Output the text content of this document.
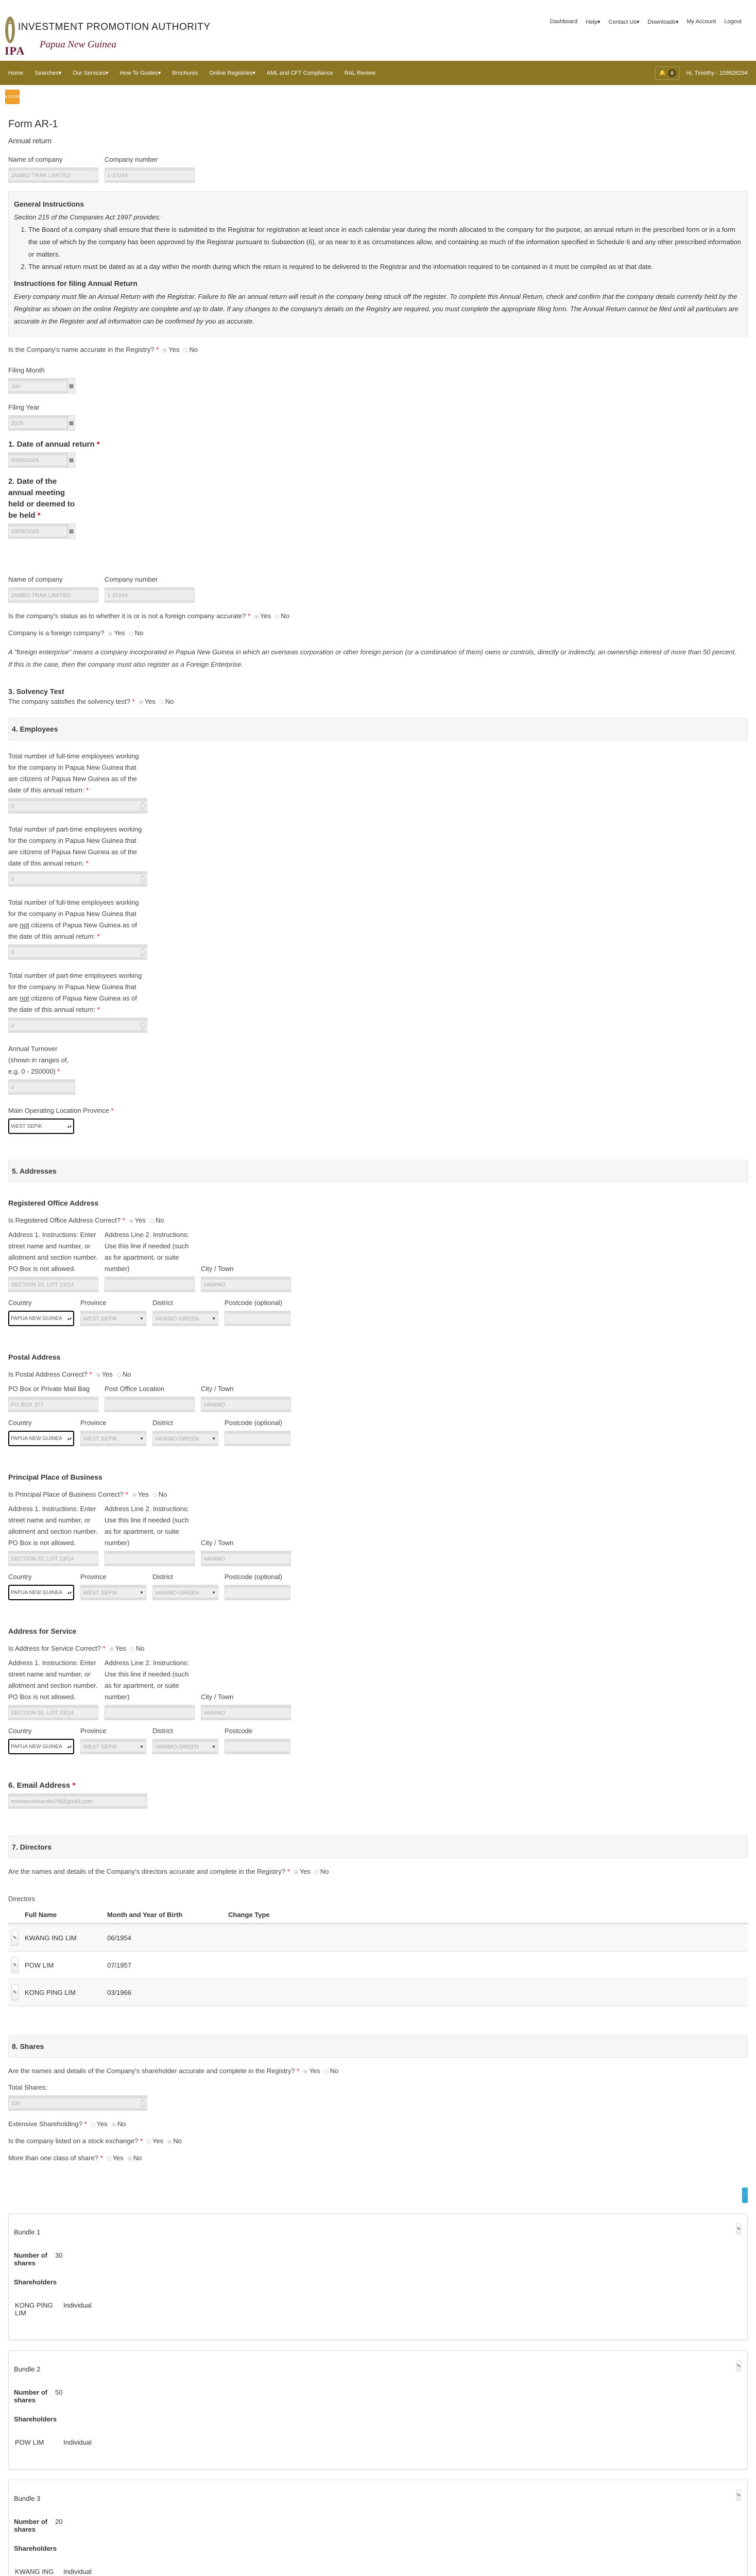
IPA
INVESTMENT PROMOTION AUTHORITY
Papua New Guinea
Dashboard Help▾ Contact Us▾ Downloads▾ My Account Logout
Home Searches▾ Our Services▾ How To Guides▾ Brochures Online Registries▾ AML and CFT Compliance RAL Review	🔔	0	Hi, Timothy - 109926294
⊗ CLOSE
Form AR-1
Annual return
Name of company
JAMBO TRAK LIMITED
Company number
1-37244
General Instructions

Section 215 of the Companies Act 1997 provides:

1. The Board of a company shall ensure that there is submitted to the Registrar for registration at least once in each calendar year during the month allocated to the company for the purpose, an annual return in the prescribed form or in a form the use of which by the company has been approved by the Registrar pursuant to Subsection (6), or as near to it as circumstances allow, and containing as much of the information specified in Schedule 6 and any other prescribed information or matters.
2. The annual return must be dated as at a day within the month during which the return is required to be delivered to the Registrar and the information required to be contained in it must be compiled as at that date.
Instructions for filing Annual Return

Every company must file an Annual Return with the Registrar. Failure to file an annual return will result in the company being struck off the register. To complete this Annual Return, check and confirm that the company details currently held by the Registrar as shown on the online Registry are complete and up to date. If any changes to the company's details on the Registry are required, you must complete the appropriate filing form. The Annual Return cannot be filed until all particulars are accurate in the Register and all information can be confirmed by you as accurate.

Is the Company's name accurate in the Registry? * Yes No
Filing Month
Jun	▦
Filing Year
2025	▦
1. Date of annual return *
30/06/2025	▦
2. Date of the annual meeting held or deemed to be held *
29/06/2025	▦
Name of company
JAMBO TRAK LIMITED
Company number
1-37244
Is the company's status as to whether it is or is not a foreign company accurate? * Yes No
Company is a foreign company? Yes No

A "foreign enterprise" means a company incorporated in Papua New Guinea in which an overseas corporation or other foreign person (or a combination of them) owns or controls, directly or indirectly, an ownership interest of more than 50 percent.
If this is the case, then the company must also register as a Foreign Enterprise.

3. Solvency Test
The company satisfies the solvency test? * Yes No
4. Employees
Total number of full-time employees working for the company in Papua New Guinea that are citizens of Papua New Guinea as of the date of this annual return: *
0	^
v
Total number of part-time employees working for the company in Papua New Guinea that are citizens of Papua New Guinea as of the date of this annual return: *
0	^
v
Total number of full-time employees working for the company in Papua New Guinea that are not citizens of Papua New Guinea as of the date of this annual return: *
0	^
v
Total number of part-time employees working for the company in Papua New Guinea that are not citizens of Papua New Guinea as of the date of this annual return: *
0	^
v
Annual Turnover (shown in ranges of, e.g. 0 - 250000) *
0
Main Operating Location Province *
WEST SEPIK	▴▾
5. Addresses
Registered Office Address
Is Registered Office Address Correct? * Yes No
Address 1. Instructions: Enter street name and number, or allotment and section number. PO Box is not allowed.
SECTION 32, LOT 13/14
Address Line 2. Instructions: Use this line if needed (such as for apartment, or suite number)	City / Town
VANIMO
Country
PAPUA NEW GUINEA ▴▾
Province
WEST SEPIK	▼
District
VANIMO-GREEN	▼
Postcode (optional)
Postal Address
Is Postal Address Correct? * Yes No
PO Box or Private Mail Bag
PO BOX 377
Post Office Location	City / Town
VANIMO
Country
PAPUA NEW GUINEA ▴▾
Province
WEST SEPIK	▼
District
VANIMO-GREEN	▼
Postcode (optional)
Principal Place of Business
Is Principal Place of Business Correct? * Yes No
Address 1. Instructions: Enter street name and number, or allotment and section number. PO Box is not allowed.
SECTION 32, LOT 13/14
Address Line 2. Instructions: Use this line if needed (such as for apartment, or suite number)	City / Town
VANIMO
Country
PAPUA NEW GUINEA ▴▾
Province
WEST SEPIK	▼
District
VANIMO-GREEN	▼
Postcode (optional)
Address for Service
Is Address for Service Correct? * Yes No
Address 1. Instructions: Enter street name and number, or allotment and section number. PO Box is not allowed.
SECTION 32, LOT 13/14
Address Line 2. Instructions: Use this line if needed (such as for apartment, or suite number)	City / Town
VANIMO
Country
PAPUA NEW GUINEA ▴▾
Province
WEST SEPIK	▼
District
VANIMO-GREEN	▼
Postcode
6. Email Address *
emmanuelnaroko78@gmail.com
7. Directors
Are the names and details of the Company's directors accurate and complete in the Registry? * Yes No
Directors
	Full Name	Month and Year of Birth	Change Type

✎	KWANG ING LIM	06/1954	

✎	POW LIM	07/1957	

✎	KONG PING LIM	03/1966	
8. Shares
Are the names and details of the Company's shareholder accurate and complete in the Registry? * Yes No
Total Shares:
100	^
v
Extensive Shareholding? * Yes No
Is the company listed on a stock exchange? * Yes No
More than one class of share? * Yes No
⛶
✎
Bundle 1
Number of shares
30
Shareholders
KONG PING LIM
Individual
✎
Bundle 2
Number of shares
50
Shareholders
POW LIM	Individual
✎
Bundle 3
Number of shares
20
Shareholders
KWANG ING	Individual
